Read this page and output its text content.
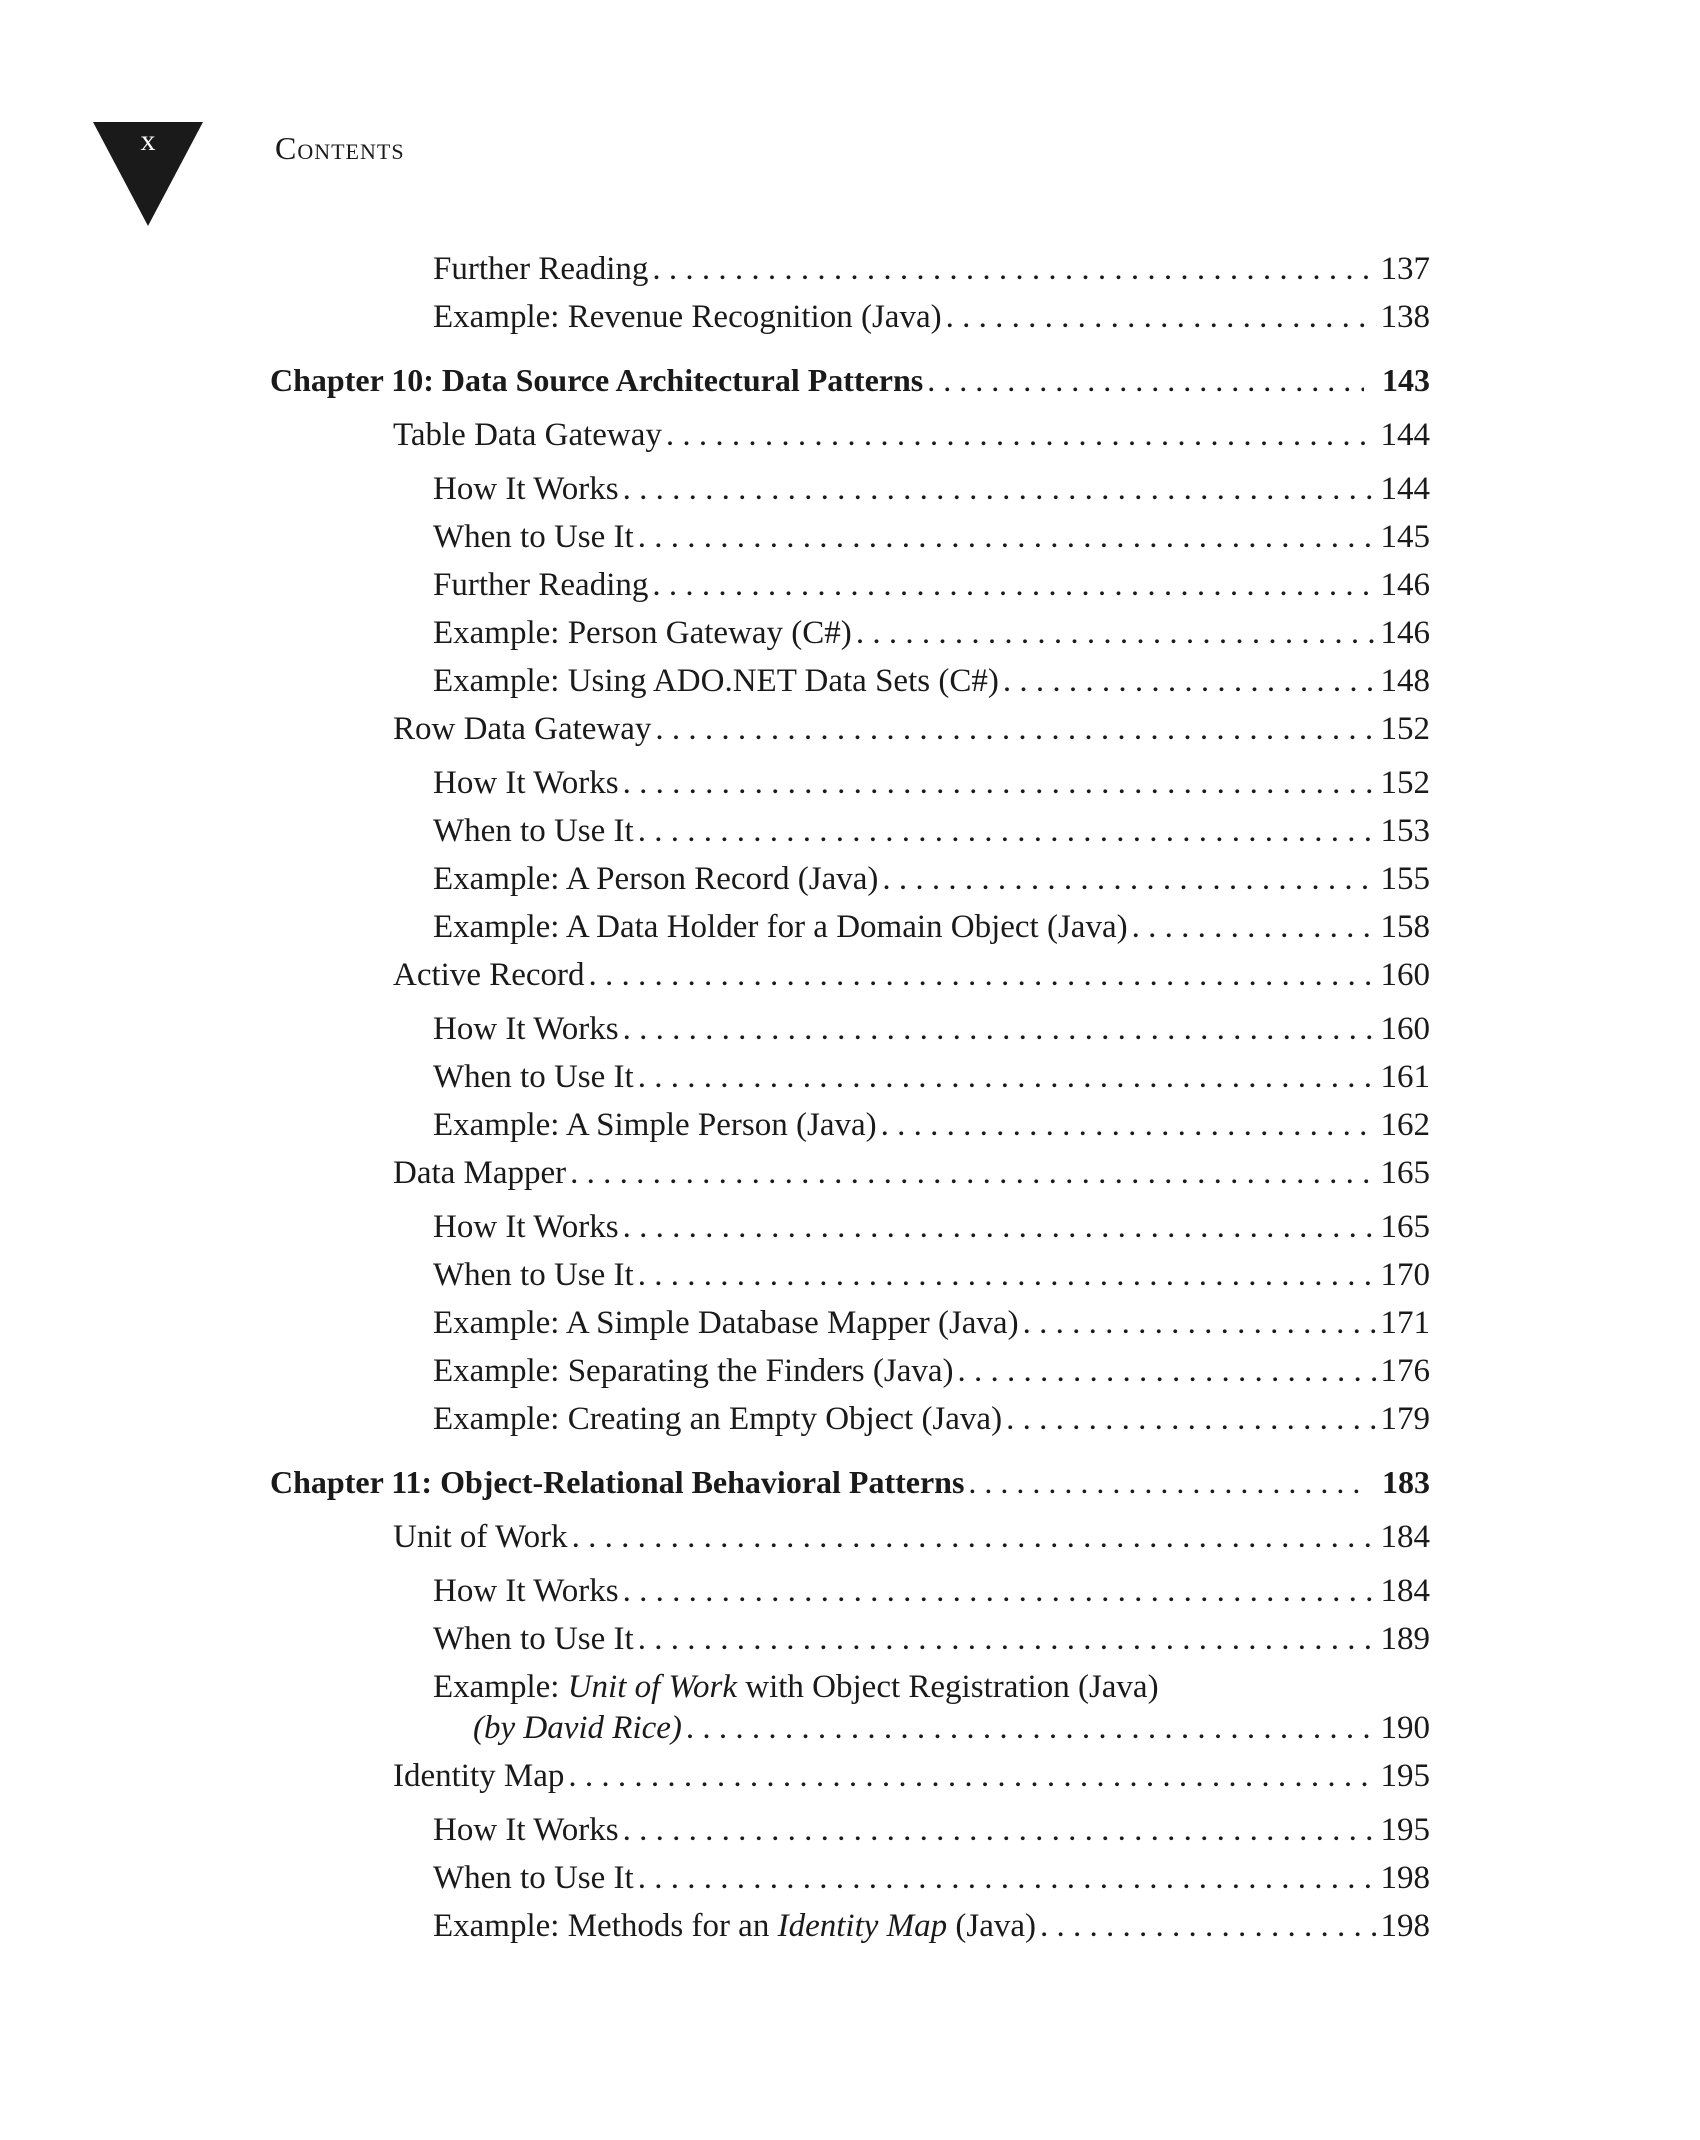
x	Contents
Further Reading . . .	137
Example: Revenue Recognition (Java) . . .	138
Chapter 10: Data Source Architectural Patterns . . .	143
Table Data Gateway . . .	144
How It Works . . .	144
When to Use It . . .	145
Further Reading . . .	146
Example: Person Gateway (C#) . . .	146
Example: Using ADO.NET Data Sets (C#) . . .	148
Row Data Gateway . . .	152
How It Works . . .	152
When to Use It . . .	153
Example: A Person Record (Java) . . .	155
Example: A Data Holder for a Domain Object (Java) . . .	158
Active Record . . .	160
How It Works . . .	160
When to Use It . . .	161
Example: A Simple Person (Java) . . .	162
Data Mapper . . .	165
How It Works . . .	165
When to Use It . . .	170
Example: A Simple Database Mapper (Java) . . .	171
Example: Separating the Finders (Java) . . .	176
Example: Creating an Empty Object (Java) . . .	179
Chapter 11: Object-Relational Behavioral Patterns . . .	183
Unit of Work . . .	184
How It Works . . .	184
When to Use It . . .	189
Example: Unit of Work with Object Registration (Java)
(by David Rice) . . .	190
Identity Map . . .	195
How It Works . . .	195
When to Use It . . .	198
Example: Methods for an Identity Map (Java) . . .	198
